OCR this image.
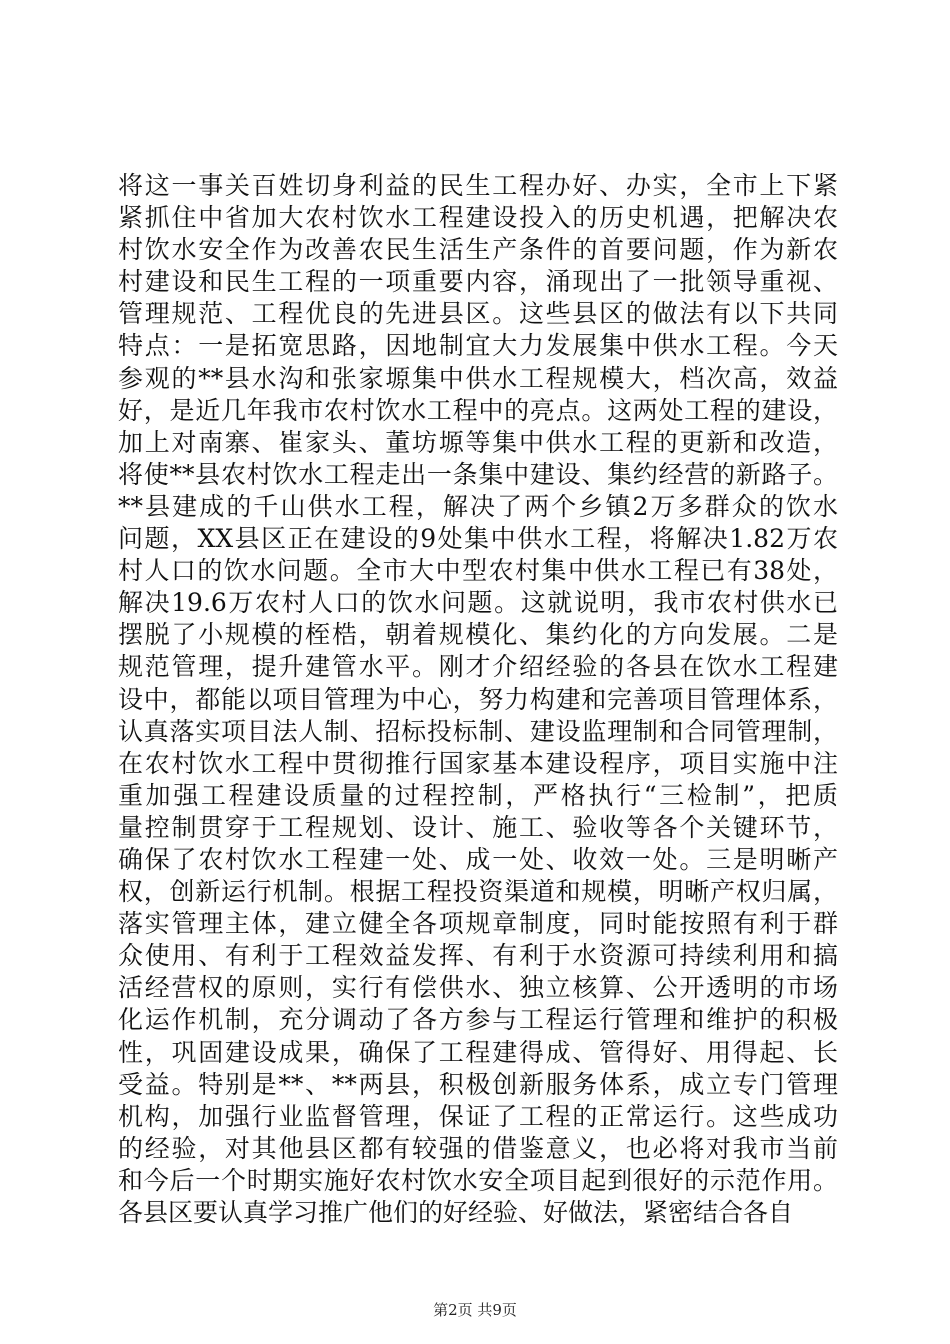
将这一事关百姓切身利益的民生工程办好、办实，全市上下紧
紧抓住中省加大农村饮水工程建设投入的历史机遇，把解决农
村饮水安全作为改善农民生活生产条件的首要问题，作为新农
村建设和民生工程的一项重要内容，涌现出了一批领导重视、
管理规范、工程优良的先进县区。这些县区的做法有以下共同
特点：一是拓宽思路，因地制宜大力发展集中供水工程。今天
参观的**县水沟和张家塬集中供水工程规模大，档次高，效益
好，是近几年我市农村饮水工程中的亮点。这两处工程的建设，
加上对南寨、崔家头、董坊塬等集中供水工程的更新和改造，
将使**县农村饮水工程走出一条集中建设、集约经营的新路子。
**县建成的千山供水工程，解决了两个乡镇2万多群众的饮水
问题，XX县区正在建设的9处集中供水工程，将解决1.82万农
村人口的饮水问题。全市大中型农村集中供水工程已有38处，
解决19.6万农村人口的饮水问题。这就说明，我市农村供水已
摆脱了小规模的桎梏，朝着规模化、集约化的方向发展。二是
规范管理，提升建管水平。刚才介绍经验的各县在饮水工程建
设中，都能以项目管理为中心，努力构建和完善项目管理体系，
认真落实项目法人制、招标投标制、建设监理制和合同管理制，
在农村饮水工程中贯彻推行国家基本建设程序，项目实施中注
重加强工程建设质量的过程控制，严格执行“三检制”，把质
量控制贯穿于工程规划、设计、施工、验收等各个关键环节，
确保了农村饮水工程建一处、成一处、收效一处。三是明晰产
权，创新运行机制。根据工程投资渠道和规模，明晰产权归属，
落实管理主体，建立健全各项规章制度，同时能按照有利于群
众使用、有利于工程效益发挥、有利于水资源可持续利用和搞
活经营权的原则，实行有偿供水、独立核算、公开透明的市场
化运作机制，充分调动了各方参与工程运行管理和维护的积极
性，巩固建设成果，确保了工程建得成、管得好、用得起、长
受益。特别是**、**两县，积极创新服务体系，成立专门管理
机构，加强行业监督管理，保证了工程的正常运行。这些成功
的经验，对其他县区都有较强的借鉴意义，也必将对我市当前
和今后一个时期实施好农村饮水安全项目起到很好的示范作用。
各县区要认真学习推广他们的好经验、好做法，紧密结合各自
第2页 共9页
